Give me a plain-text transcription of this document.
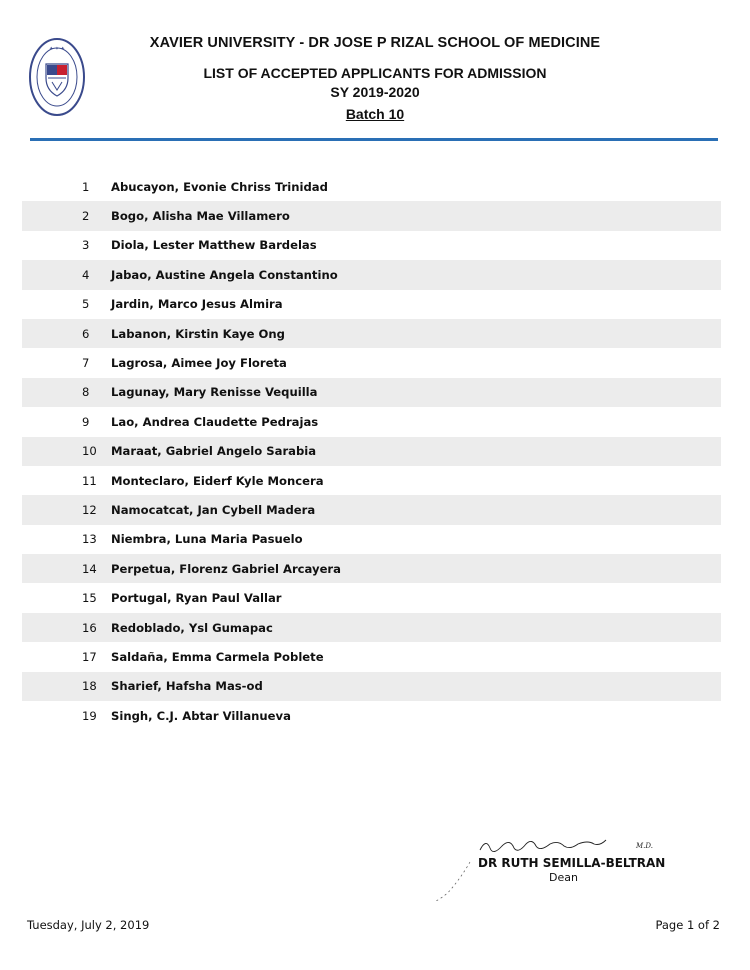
✦ ✦ ✦	XAVIER UNIVERSITY - DR JOSE P RIZAL SCHOOL OF MEDICINE
LIST OF ACCEPTED APPLICANTS FOR ADMISSION
SY 2019-2020
Batch 10
1	Abucayon, Evonie Chriss Trinidad
2	Bogo, Alisha Mae Villamero
3	Diola, Lester Matthew Bardelas
4	Jabao, Austine Angela Constantino
5	Jardin, Marco Jesus Almira
6	Labanon, Kirstin Kaye Ong
7	Lagrosa, Aimee Joy Floreta
8	Lagunay, Mary Renisse Vequilla
9	Lao, Andrea Claudette Pedrajas
10	Maraat, Gabriel Angelo Sarabia
11	Monteclaro, Eiderf Kyle Moncera
12	Namocatcat, Jan Cybell Madera
13	Niembra, Luna Maria Pasuelo
14	Perpetua, Florenz Gabriel Arcayera
15	Portugal, Ryan Paul Vallar
16	Redoblado, Ysl Gumapac
17	Saldaña, Emma Carmela Poblete
18	Sharief, Hafsha Mas-od
19	Singh, C.J. Abtar Villanueva
M.D.
DR RUTH SEMILLA-BELTRAN
Dean
Tuesday, July 2, 2019	Page 1 of 2
